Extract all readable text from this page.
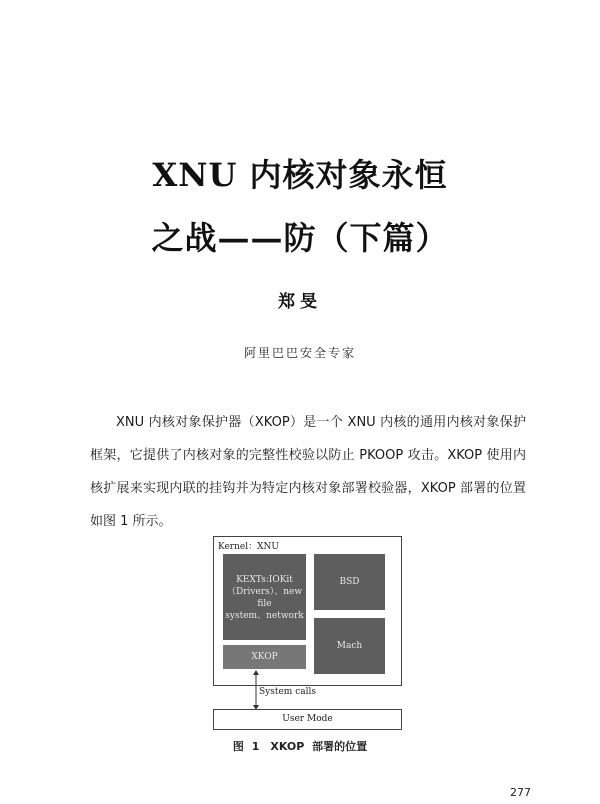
XNU 内核对象永恒
之战——防（下篇）
郑旻
阿里巴巴安全专家
XNU 内核对象保护器（XKOP）是一个 XNU 内核的通用内核对象保护框架，它提供了内核对象的完整性校验以防止 PKOOP 攻击。XKOP 使用内核扩展来实现内联的挂钩并为特定内核对象部署校验器，XKOP 部署的位置如图 1 所示。
Kernel：XNU
KEXTs:IOKit
（Drivers）、new file
system、network
BSD
Mach
XKOP
System calls
User Mode
图 1　XKOP 部署的位置
277
